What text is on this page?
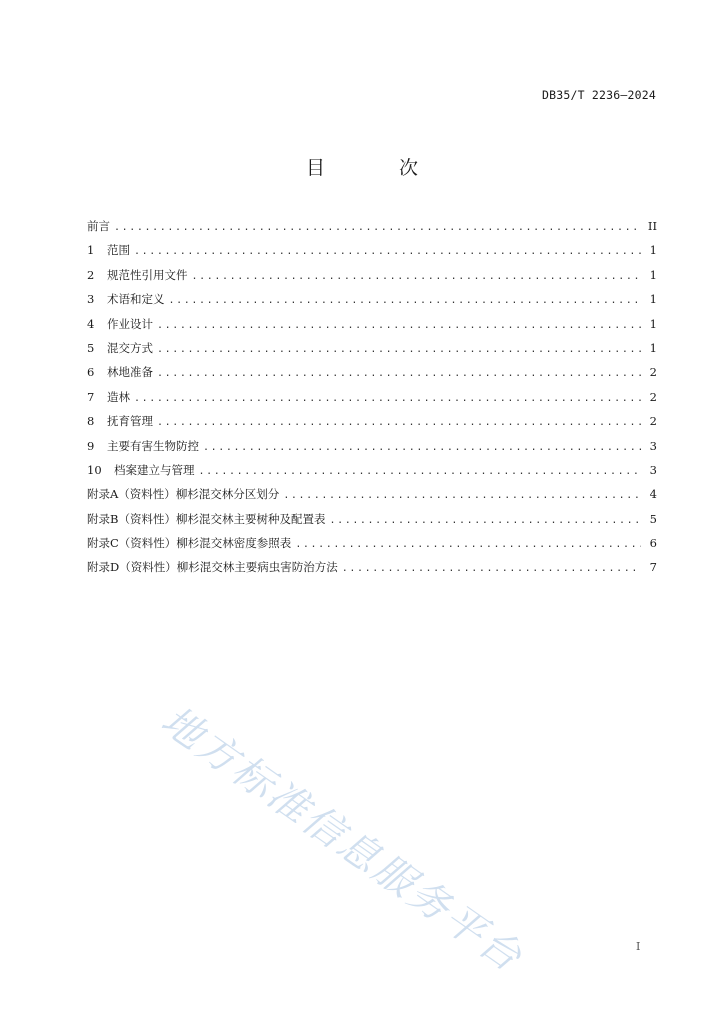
DB35/T 2236—2024
目 次
前言 .....	II
1	范围 .....	1
2	规范性引用文件 .....	1
3	术语和定义 .....	1
4	作业设计 .....	1
5	混交方式 .....	1
6	林地准备 .....	2
7	造林 .....	2
8	抚育管理 .....	2
9	主要有害生物防控 .....	3
10	档案建立与管理 .....	3
附录A（资料性） 柳杉混交林分区划分 .....	4
附录B（资料性） 柳杉混交林主要树种及配置表 .....	5
附录C（资料性） 柳杉混交林密度参照表 .....	6
附录D（资料性） 柳杉混交林主要病虫害防治方法 .....	7
地方标准信息服务平台	I
